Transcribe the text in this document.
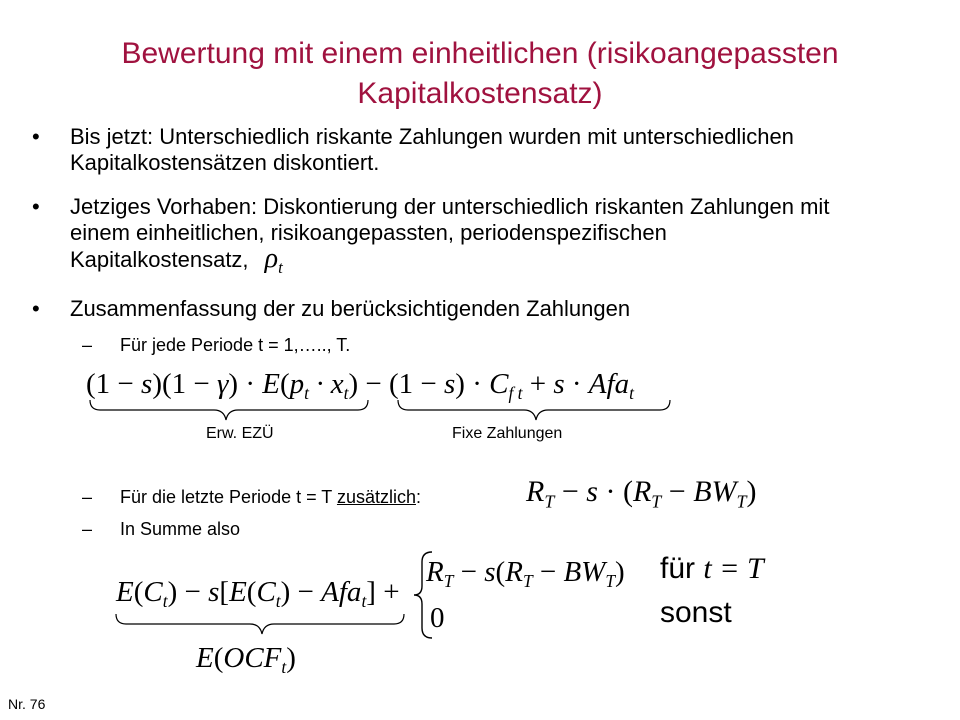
Bewertung mit einem einheitlichen (risikoangepassten Kapitalkostensatz)
• Bis jetzt: Unterschiedlich riskante Zahlungen wurden mit unterschiedlichen Kapitalkostensätzen diskontiert.
• Jetziges Vorhaben: Diskontierung der unterschiedlich riskanten Zahlungen mit einem einheitlichen, risikoangepassten, periodenspezifischen Kapitalkostensatz, $\rho_t$
• Zusammenfassung der zu berücksichtigenden Zahlungen
– Für jede Periode t = 1,….., T.
$(1 - s)(1 - \gamma) \cdot E(p_t \cdot x_t) - (1 - s) \cdot C_{f t} + s \cdot Afa_t$
Erw. EZÜ	Fixe Zahlungen
– Für die letzte Periode t = T zusätzlich:	$R_T - s \cdot (R_T - BW_T)$
– In Summe also
$E(C_t) - s[E(C_t) - Afa_t]$ +
$R_T - s(R_T - BW_T)$
0
für t = T
sonst
$E(OCF_t)$
Nr. 76
